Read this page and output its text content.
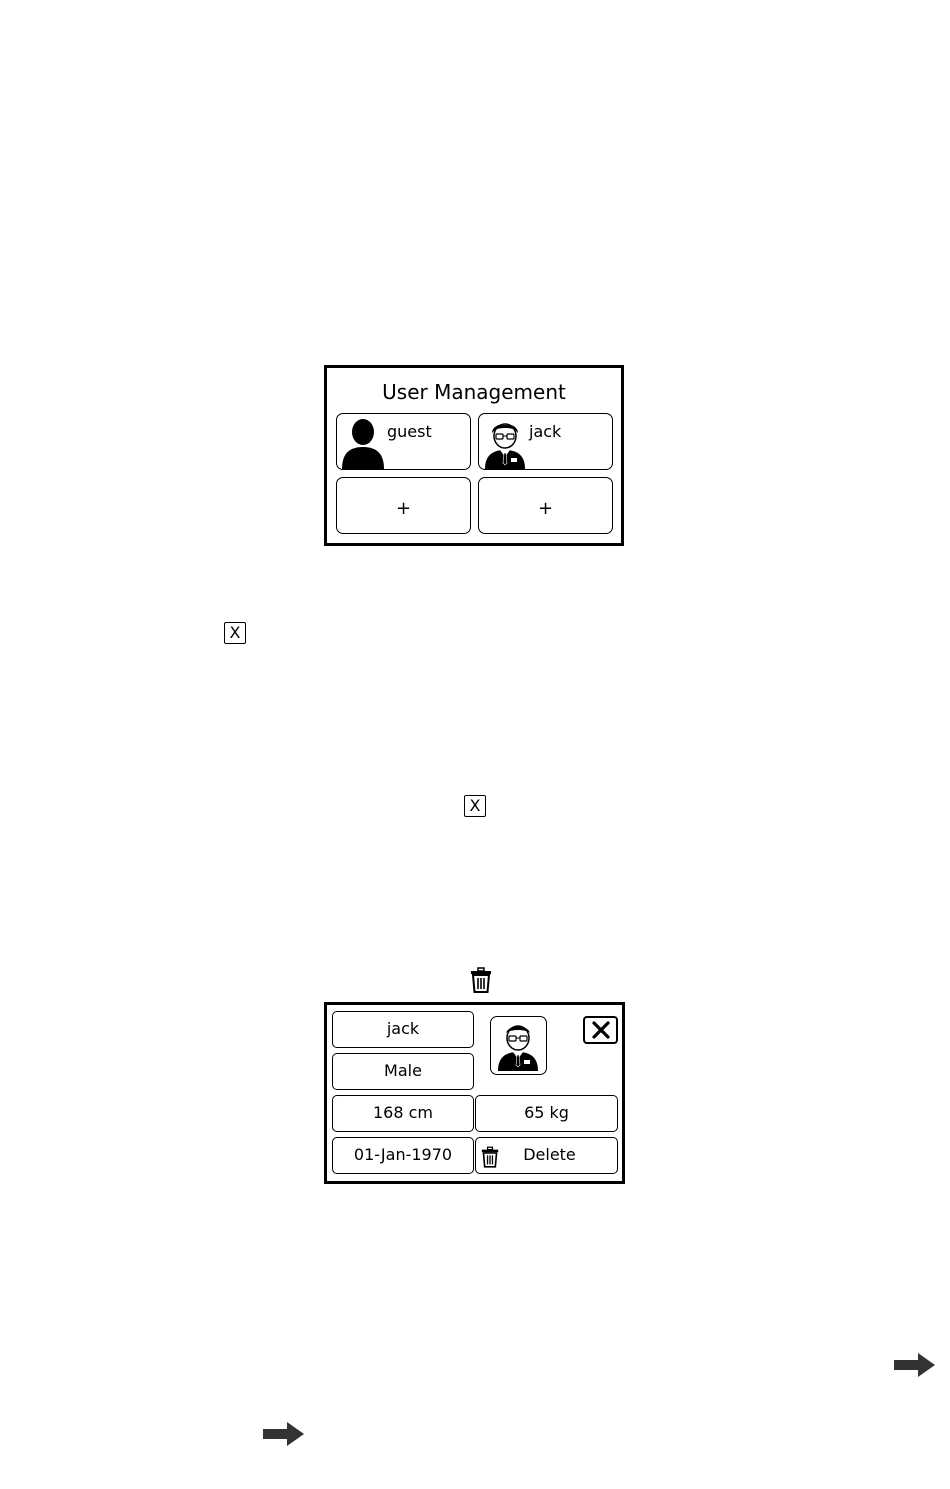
User Management
guest	jack
+	+
X
X
jack
Male
168 cm	65 kg
01-Jan-1970	Delete
